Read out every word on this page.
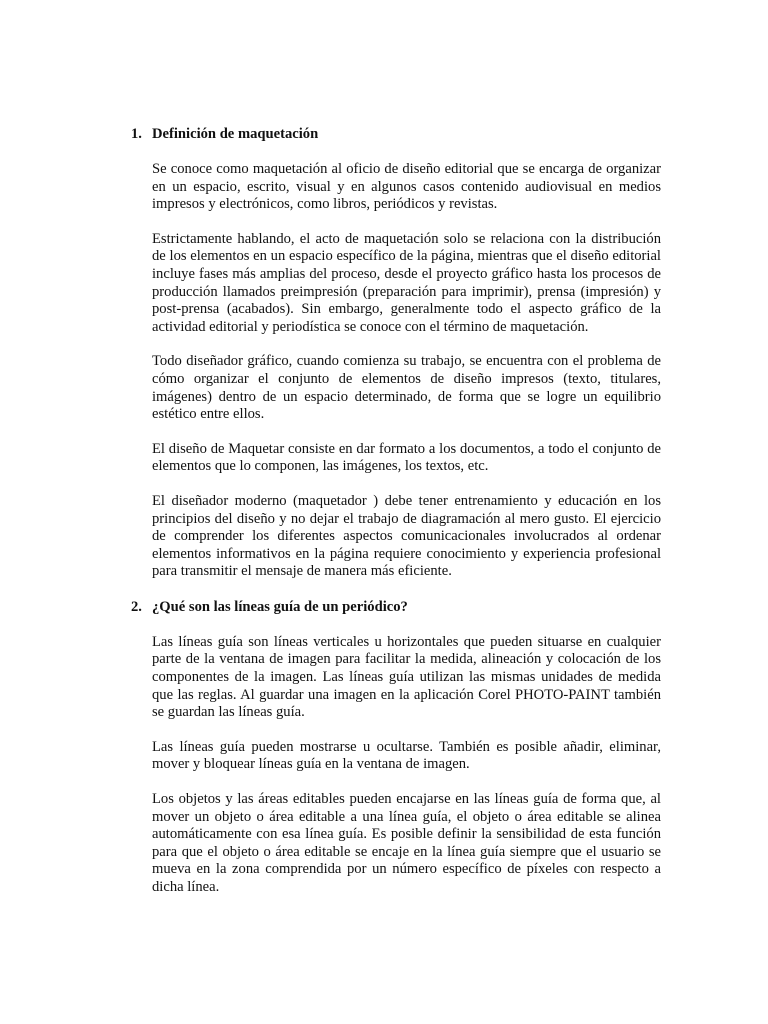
1. Definición de maquetación

Se conoce como maquetación al oficio de diseño editorial que se encarga de organizar en un espacio, escrito, visual y en algunos casos contenido audiovisual en medios impresos y electrónicos, como libros, periódicos y revistas.

Estrictamente hablando, el acto de maquetación solo se relaciona con la distribución de los elementos en un espacio específico de la página, mientras que el diseño editorial incluye fases más amplias del proceso, desde el proyecto gráfico hasta los procesos de producción llamados preimpresión (preparación para imprimir), prensa (impresión) y post-prensa (acabados). Sin embargo, generalmente todo el aspecto gráfico de la actividad editorial y periodística se conoce con el término de maquetación.

Todo diseñador gráfico, cuando comienza su trabajo, se encuentra con el problema de cómo organizar el conjunto de elementos de diseño impresos (texto, titulares, imágenes) dentro de un espacio determinado, de forma que se logre un equilibrio estético entre ellos.

El diseño de Maquetar consiste en dar formato a los documentos, a todo el conjunto de elementos que lo componen, las imágenes, los textos, etc.

El diseñador moderno (maquetador ) debe tener entrenamiento y educación en los principios del diseño y no dejar el trabajo de diagramación al mero gusto. El ejercicio de comprender los diferentes aspectos comunicacionales involucrados al ordenar elementos informativos en la página requiere conocimiento y experiencia profesional para transmitir el mensaje de manera más eficiente.

2. ¿Qué son las líneas guía de un periódico?

Las líneas guía son líneas verticales u horizontales que pueden situarse en cualquier parte de la ventana de imagen para facilitar la medida, alineación y colocación de los componentes de la imagen. Las líneas guía utilizan las mismas unidades de medida que las reglas. Al guardar una imagen en la aplicación Corel PHOTO-PAINT también se guardan las líneas guía.

Las líneas guía pueden mostrarse u ocultarse. También es posible añadir, eliminar, mover y bloquear líneas guía en la ventana de imagen.

Los objetos y las áreas editables pueden encajarse en las líneas guía de forma que, al mover un objeto o área editable a una línea guía, el objeto o área editable se alinea automáticamente con esa línea guía. Es posible definir la sensibilidad de esta función para que el objeto o área editable se encaje en la línea guía siempre que el usuario se mueva en la zona comprendida por un número específico de píxeles con respecto a dicha línea.
